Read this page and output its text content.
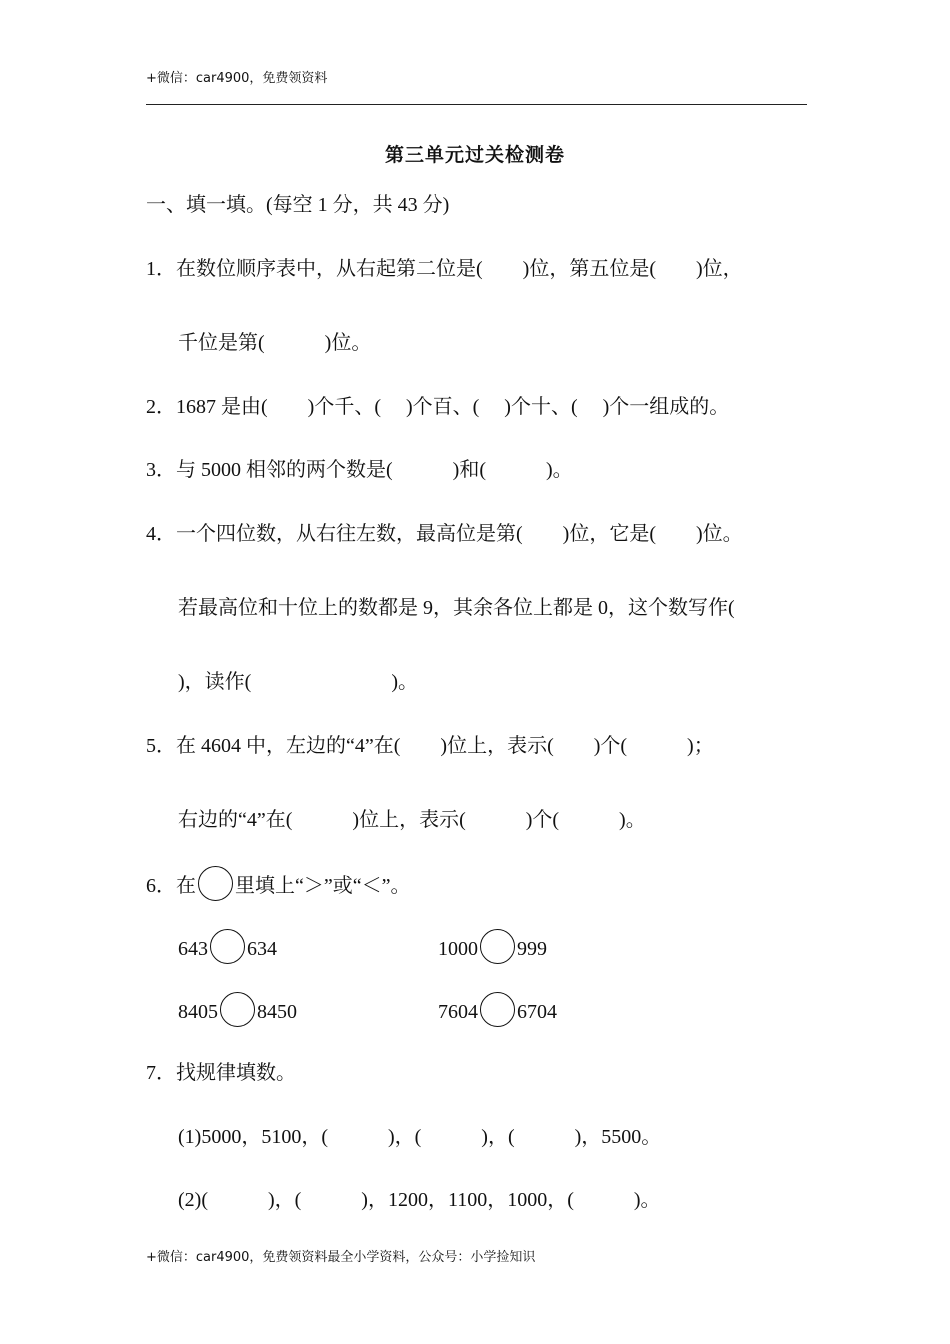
+微信：car4900，免费领资料
第三单元过关检测卷
一、填一填。(每空 1 分，共 43 分)
1．在数位顺序表中，从右起第二位是(　　)位，第五位是(　　)位，
千位是第(　　　)位。
2．1687 是由(　　)个千、(　 )个百、(　 )个十、(　 )个一组成的。
3．与 5000 相邻的两个数是(　　　)和(　　　)。
4．一个四位数，从右往左数，最高位是第(　　)位，它是(　　)位。
若最高位和十位上的数都是 9，其余各位上都是 0，这个数写作(
)，读作(　　　　　　　)。
5．在 4604 中，左边的“4”在(　　)位上，表示(　　)个(　　　)；
右边的“4”在(　　　)位上，表示(　　　)个(　　　)。
6．在 里填上“＞”或“＜”。
643 634	1000 999
8405 8450	7604 6704
7．找规律填数。
(1)5000，5100，(　　　)，(　　　)，(　　　)，5500。
(2)(　　　)，(　　　)，1200，1100，1000，(　　　)。
+微信：car4900，免费领资料最全小学资料，公众号：小学捡知识
